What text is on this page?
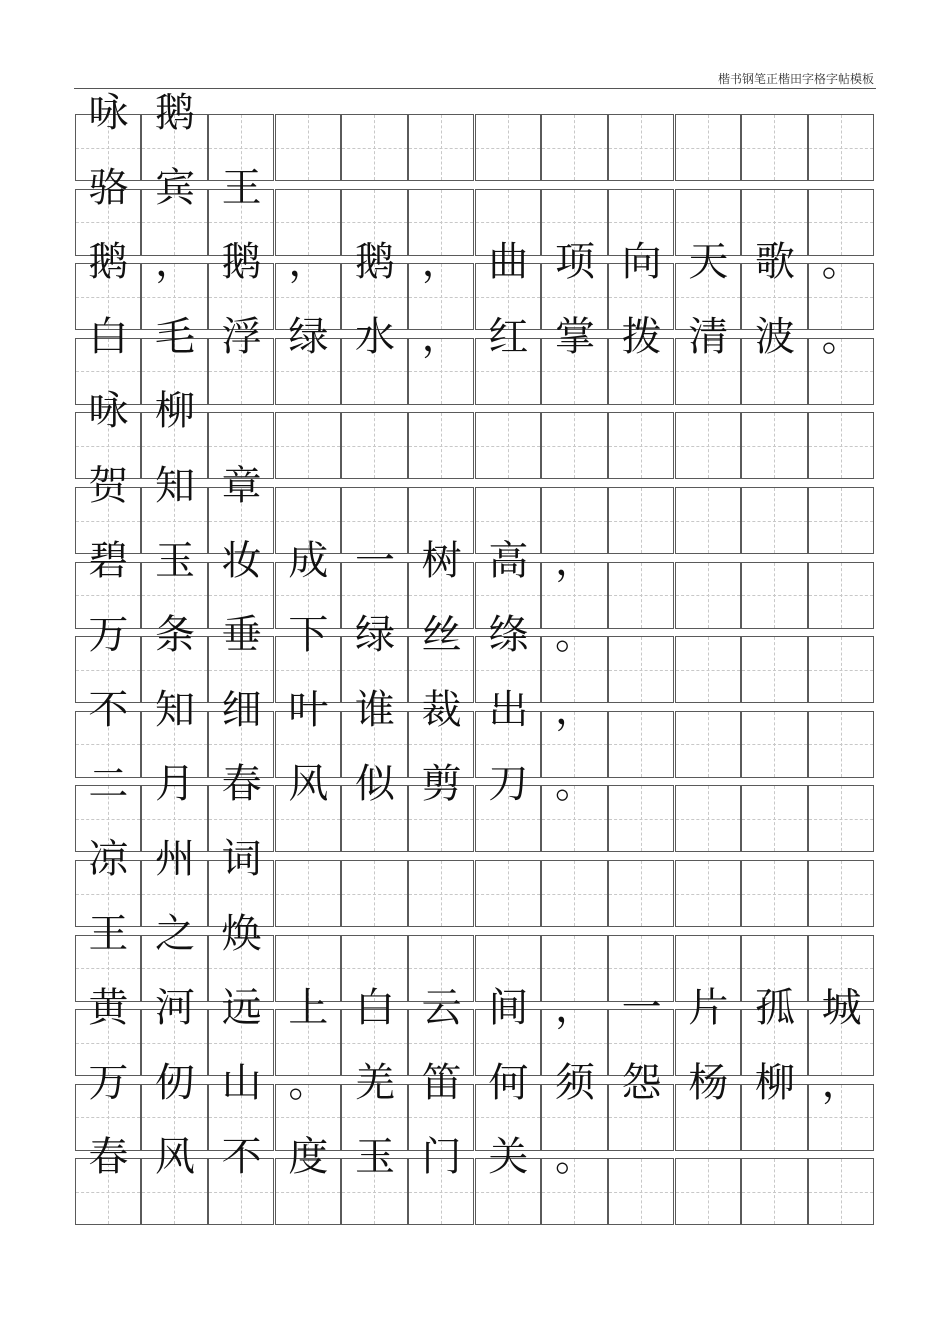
楷书钢笔正楷田字格字帖模板
咏 鹅
骆 宾 王
鹅 ， 鹅 ， 鹅 ， 曲 项 向 天 歌 。
白 毛 浮 绿 水 ， 红 掌 拨 清 波 。
咏 柳
贺 知 章
碧 玉 妆 成 一 树 高 ，
万 条 垂 下 绿 丝 绦 。
不 知 细 叶 谁 裁 出 ，
二 月 春 风 似 剪 刀 。
凉 州 词
王 之 焕
黄 河 远 上 白 云 间 ， 一 片 孤 城
万 仞 山 。 羌 笛 何 须 怨 杨 柳 ，
春 风 不 度 玉 门 关 。
